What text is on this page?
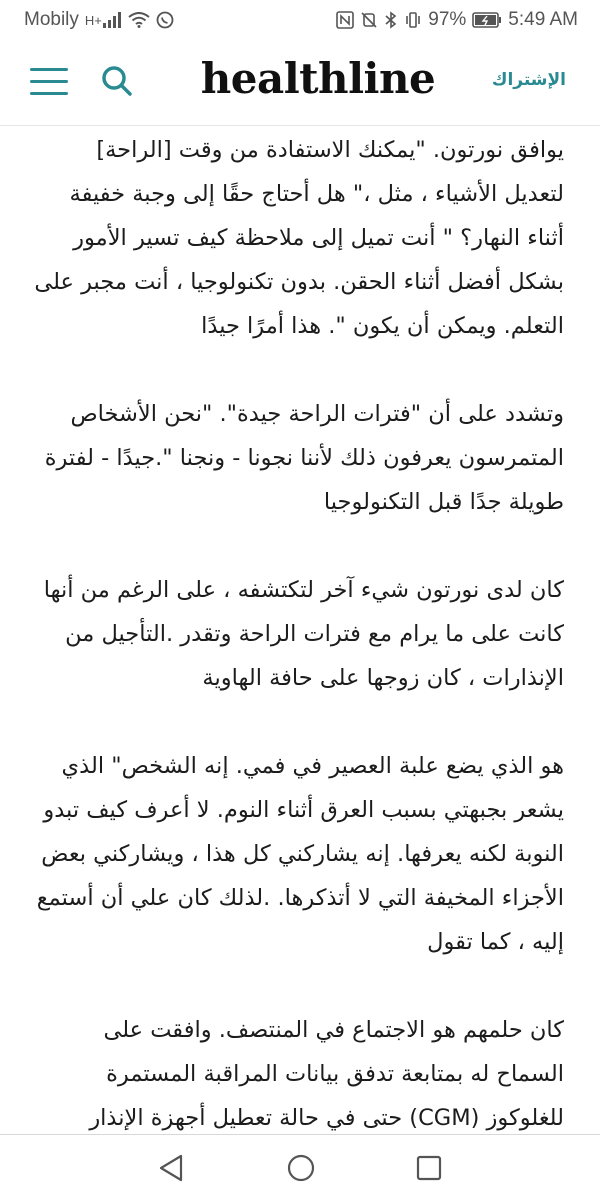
Mobily H+	97% 5:49 AM
healthline	الإشتراك

يوافق نورتون. "يمكنك الاستفادة من وقت [الراحة] لتعديل الأشياء ، مثل ،" هل أحتاج حقًا إلى وجبة خفيفة أثناء النهار؟ " أنت تميل إلى ملاحظة كيف تسير الأمور بشكل أفضل أثناء الحقن. بدون تكنولوجيا ، أنت مجبر على التعلم. ويمكن أن يكون ". هذا أمرًا جيدًا

وتشدد على أن "فترات الراحة جيدة". "نحن الأشخاص المتمرسون يعرفون ذلك لأننا نجونا - ونجنا ".جيدًا - لفترة طويلة جدًا قبل التكنولوجيا

كان لدى نورتون شيء آخر لتكتشفه ، على الرغم من أنها كانت على ما يرام مع فترات الراحة وتقدر .التأجيل من الإنذارات ، كان زوجها على حافة الهاوية

هو الذي يضع علبة العصير في فمي. إنه الشخص" الذي يشعر بجبهتي بسبب العرق أثناء النوم. لا أعرف كيف تبدو النوبة لكنه يعرفها. إنه يشاركني كل هذا ، ويشاركني بعض الأجزاء المخيفة التي لا أتذكرها. .لذلك كان علي أن أستمع إليه ، كما تقول

كان حلمهم هو الاجتماع في المنتصف. وافقت على السماح له بمتابعة تدفق بيانات المراقبة المستمرة للغلوكوز (CGM) حتى في حالة تعطيل أجهزة الإنذار
